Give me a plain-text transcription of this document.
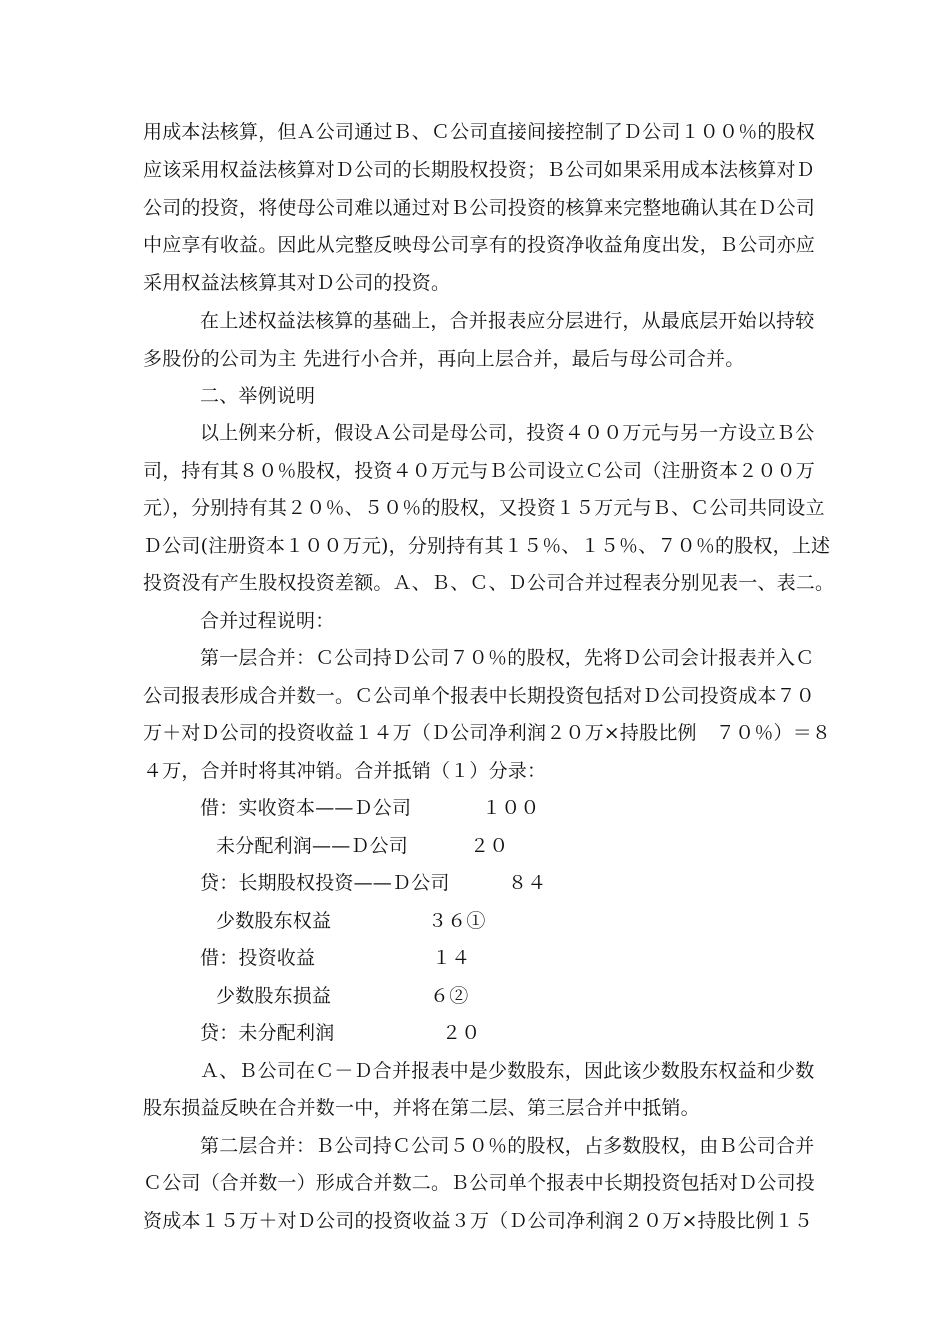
用成本法核算，但Ａ公司通过Ｂ、Ｃ公司直接间接控制了Ｄ公司１００％的股权
应该采用权益法核算对Ｄ公司的长期股权投资；Ｂ公司如果采用成本法核算对Ｄ
公司的投资，将使母公司难以通过对Ｂ公司投资的核算来完整地确认其在Ｄ公司
中应享有收益。因此从完整反映母公司享有的投资净收益角度出发，Ｂ公司亦应
采用权益法核算其对Ｄ公司的投资。
在上述权益法核算的基础上，合并报表应分层进行，从最底层开始以持较
多股份的公司为主 先进行小合并，再向上层合并，最后与母公司合并。
二、举例说明
以上例来分析，假设Ａ公司是母公司，投资４００万元与另一方设立Ｂ公
司，持有其８０％股权，投资４０万元与Ｂ公司设立Ｃ公司（注册资本２００万
元），分别持有其２０％、５０％的股权，又投资１５万元与Ｂ、Ｃ公司共同设立
Ｄ公司(注册资本１００万元)，分别持有其１５％、１５％、７０％的股权，上述
投资没有产生股权投资差额。Ａ、Ｂ、Ｃ、Ｄ公司合并过程表分别见表一、表二。
合并过程说明：
第一层合并：Ｃ公司持Ｄ公司７０％的股权，先将Ｄ公司会计报表并入Ｃ
公司报表形成合并数一。Ｃ公司单个报表中长期投资包括对Ｄ公司投资成本７０
万＋对Ｄ公司的投资收益１４万（Ｄ公司净利润２０万×持股比例　７０％）＝８
４万，合并时将其冲销。合并抵销（１）分录：
借：实收资本——Ｄ公司	１００
未分配利润——Ｄ公司	２０
贷：长期股权投资——Ｄ公司	８４
少数股东权益	３６①
借：投资收益	１４
少数股东损益	６②
贷：未分配利润	２０
Ａ、Ｂ公司在Ｃ－Ｄ合并报表中是少数股东，因此该少数股东权益和少数
股东损益反映在合并数一中，并将在第二层、第三层合并中抵销。
第二层合并：Ｂ公司持Ｃ公司５０％的股权，占多数股权，由Ｂ公司合并
Ｃ公司（合并数一）形成合并数二。Ｂ公司单个报表中长期投资包括对Ｄ公司投
资成本１５万＋对Ｄ公司的投资收益３万（Ｄ公司净利润２０万×持股比例１５
